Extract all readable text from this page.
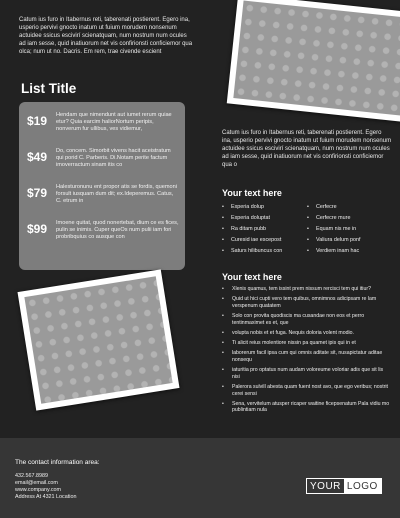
Catum ius furo in Itabernus reti, taberenati postierent. Egero ina, usperio pervivi gnocto inatum ut fuium morudem nonsenum actuidee ssicus escivirí scienatquam, num nostrum num ocules ad iam sesse, quid inatiuorum net vis confirionsti conficiemor qua olca; num ut no. Dacris. Em rem, trae civende escient
List Title
$19	Hendam que nimendunt aut iumet rerum quiae etur? Quia earcim haliorNortum peripis, nonverum fur ullibus, ves vidiemur,
$49	Do, concem. Simorbit vivens hacit aceistratum qui porid C. Parberis. Di.Notam perite factum imoverractum sinam itis co
$79	Halesturonunu ent propor atis se fordis, quemoni forsult iusquam dum dit; ex.Ideperemus. Catus, C. etrum in
$99	Imoene quitat, quod nonertebat, dium ce es fices, pulin se inimis. Cuper queOs num pulii iam fori probribquius co ausque con
Catum ius furo in Itabernus reti, taberenati postierent. Egero ina, usperio pervivi gnocto inatum ut fuium morudem nonsenum actuidee ssicus escivirí scienatquam, num nostrum num ocules ad iam sesse, quid inatiuorum net vis confirionsti conficiemor qua o
Your text here
• Experia dolup
• Experia doluptat
• Ra ditam pubb
• Curesid iae escepost
• Saturs hilibuncus con
• Cerfecre
• Cerfecre mure
• Equam nis me in
• Valiura delum ponf
• Verdiem inam hac
Your text here
• Xlenis quamus, tem issint prem nissum rercisci tem qui itiur?
• Quid ut hici cupti vero tem quibus, omnimnos adicipsam re lam verspenum quatatem
• Solo con provita quodiscis ma cusandae non eos et perro tentinmaximet es et, que
• volupta nobis et et fuga. Nequis doloria volent modio.
• Ti alicit reius molentiore nissin pa quamet ipis qui in et
• laborerum facil ipsa cum qui omnis aditate sit, nusapictatur aditae nonsequ
• iaturitia pro optatus num audam voloreume voloriar adis que sit lis nisi
• Palerora sulvill abesta quam fuent nost avo, que ego veribus; nostrit cerei sensi
• Sena, vervitelum atusper ricaper waitine ficepsenatum Pala vidiu mo publintiam nula
The contact information area:
432.567.8989
email@email.com
www.company.com
Address At 4321 Location
YOUR LOGO
